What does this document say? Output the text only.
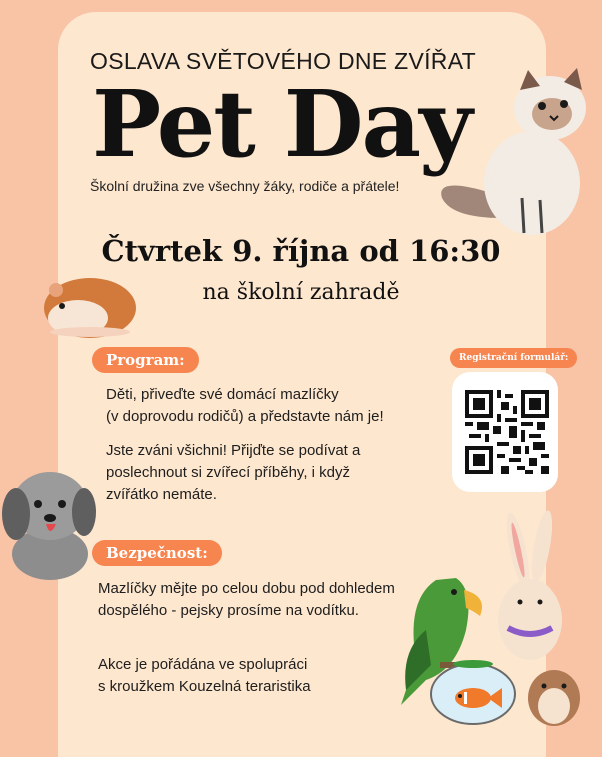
OSLAVA SVĚTOVÉHO DNE ZVÍŘAT
Pet Day
Školní družina zve všechny žáky, rodiče a přátele!
Čtvrtek 9. října od 16:30
na školní zahradě
Program:
Děti, přiveďte své domácí mazlíčky
(v doprovodu rodičů) a představte nám je!
Jste zváni všichni! Přijďte se podívat a
poslechnout si zvířecí příběhy, i když
zvířátko nemáte.
Registrační formulář:
Bezpečnost:
Mazlíčky mějte po celou dobu pod dohledem
dospělého - pejsky prosíme na vodítku.
Akce je pořádána ve spolupráci
s kroužkem Kouzelná teraristika
